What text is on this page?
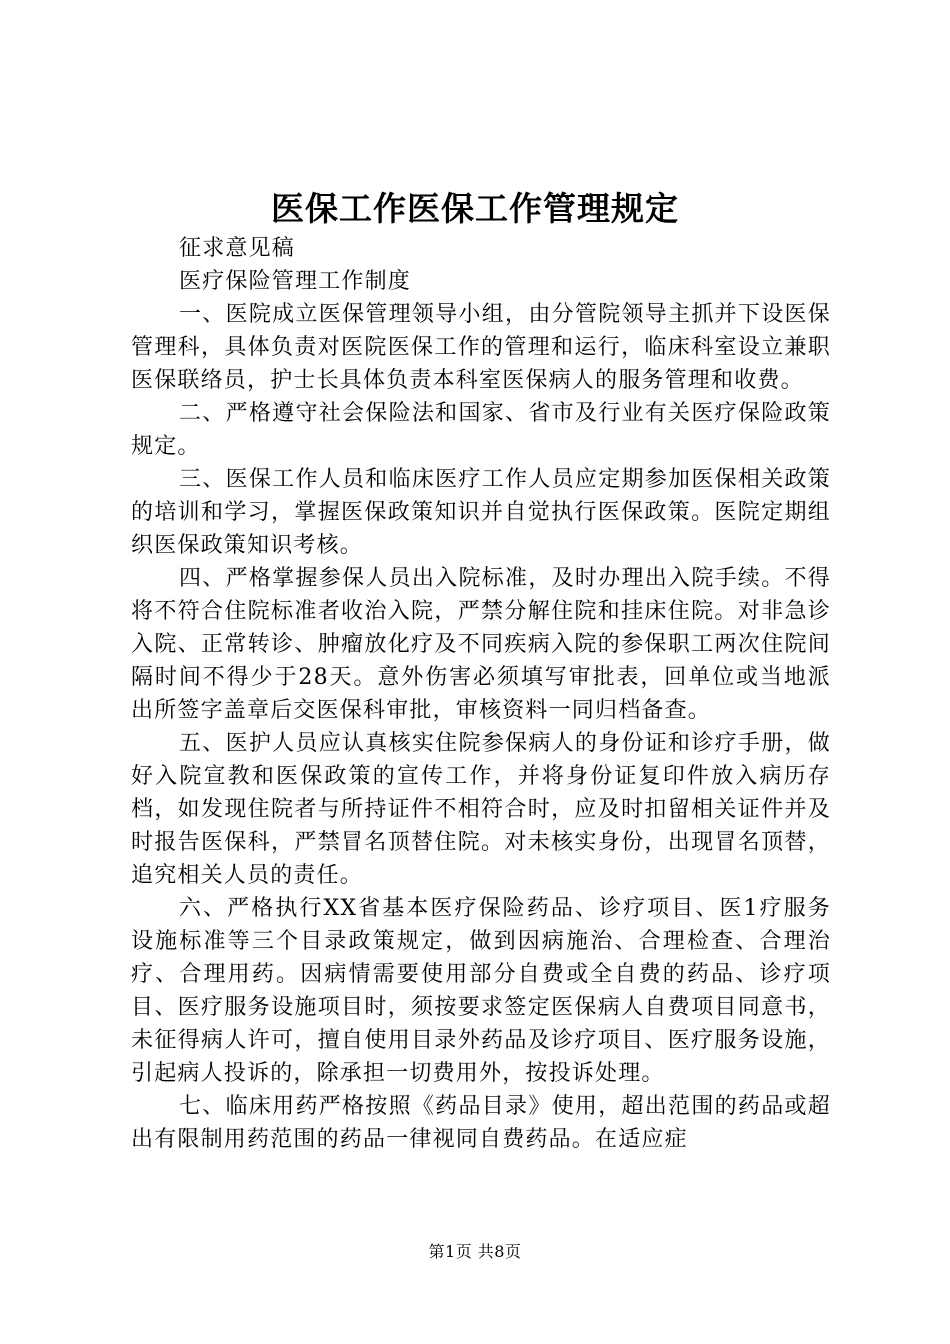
医保工作医保工作管理规定

征求意见稿

医疗保险管理工作制度

一、医院成立医保管理领导小组，由分管院领导主抓并下设医保管理科，具体负责对医院医保工作的管理和运行，临床科室设立兼职医保联络员，护士长具体负责本科室医保病人的服务管理和收费。

二、严格遵守社会保险法和国家、省市及行业有关医疗保险政策规定。

三、医保工作人员和临床医疗工作人员应定期参加医保相关政策的培训和学习，掌握医保政策知识并自觉执行医保政策。医院定期组织医保政策知识考核。

四、严格掌握参保人员出入院标准，及时办理出入院手续。不得将不符合住院标准者收治入院，严禁分解住院和挂床住院。对非急诊入院、正常转诊、肿瘤放化疗及不同疾病入院的参保职工两次住院间隔时间不得少于28天。意外伤害必须填写审批表，回单位或当地派出所签字盖章后交医保科审批，审核资料一同归档备查。

五、医护人员应认真核实住院参保病人的身份证和诊疗手册，做好入院宣教和医保政策的宣传工作，并将身份证复印件放入病历存档，如发现住院者与所持证件不相符合时，应及时扣留相关证件并及时报告医保科，严禁冒名顶替住院。对未核实身份，出现冒名顶替，追究相关人员的责任。

六、严格执行XX省基本医疗保险药品、诊疗项目、医1疗服务设施标准等三个目录政策规定，做到因病施治、合理检查、合理治疗、合理用药。因病情需要使用部分自费或全自费的药品、诊疗项目、医疗服务设施项目时，须按要求签定医保病人自费项目同意书，未征得病人许可，擅自使用目录外药品及诊疗项目、医疗服务设施，引起病人投诉的，除承担一切费用外，按投诉处理。

七、临床用药严格按照《药品目录》使用，超出范围的药品或超出有限制用药范围的药品一律视同自费药品。在适应症

第1页 共8页
